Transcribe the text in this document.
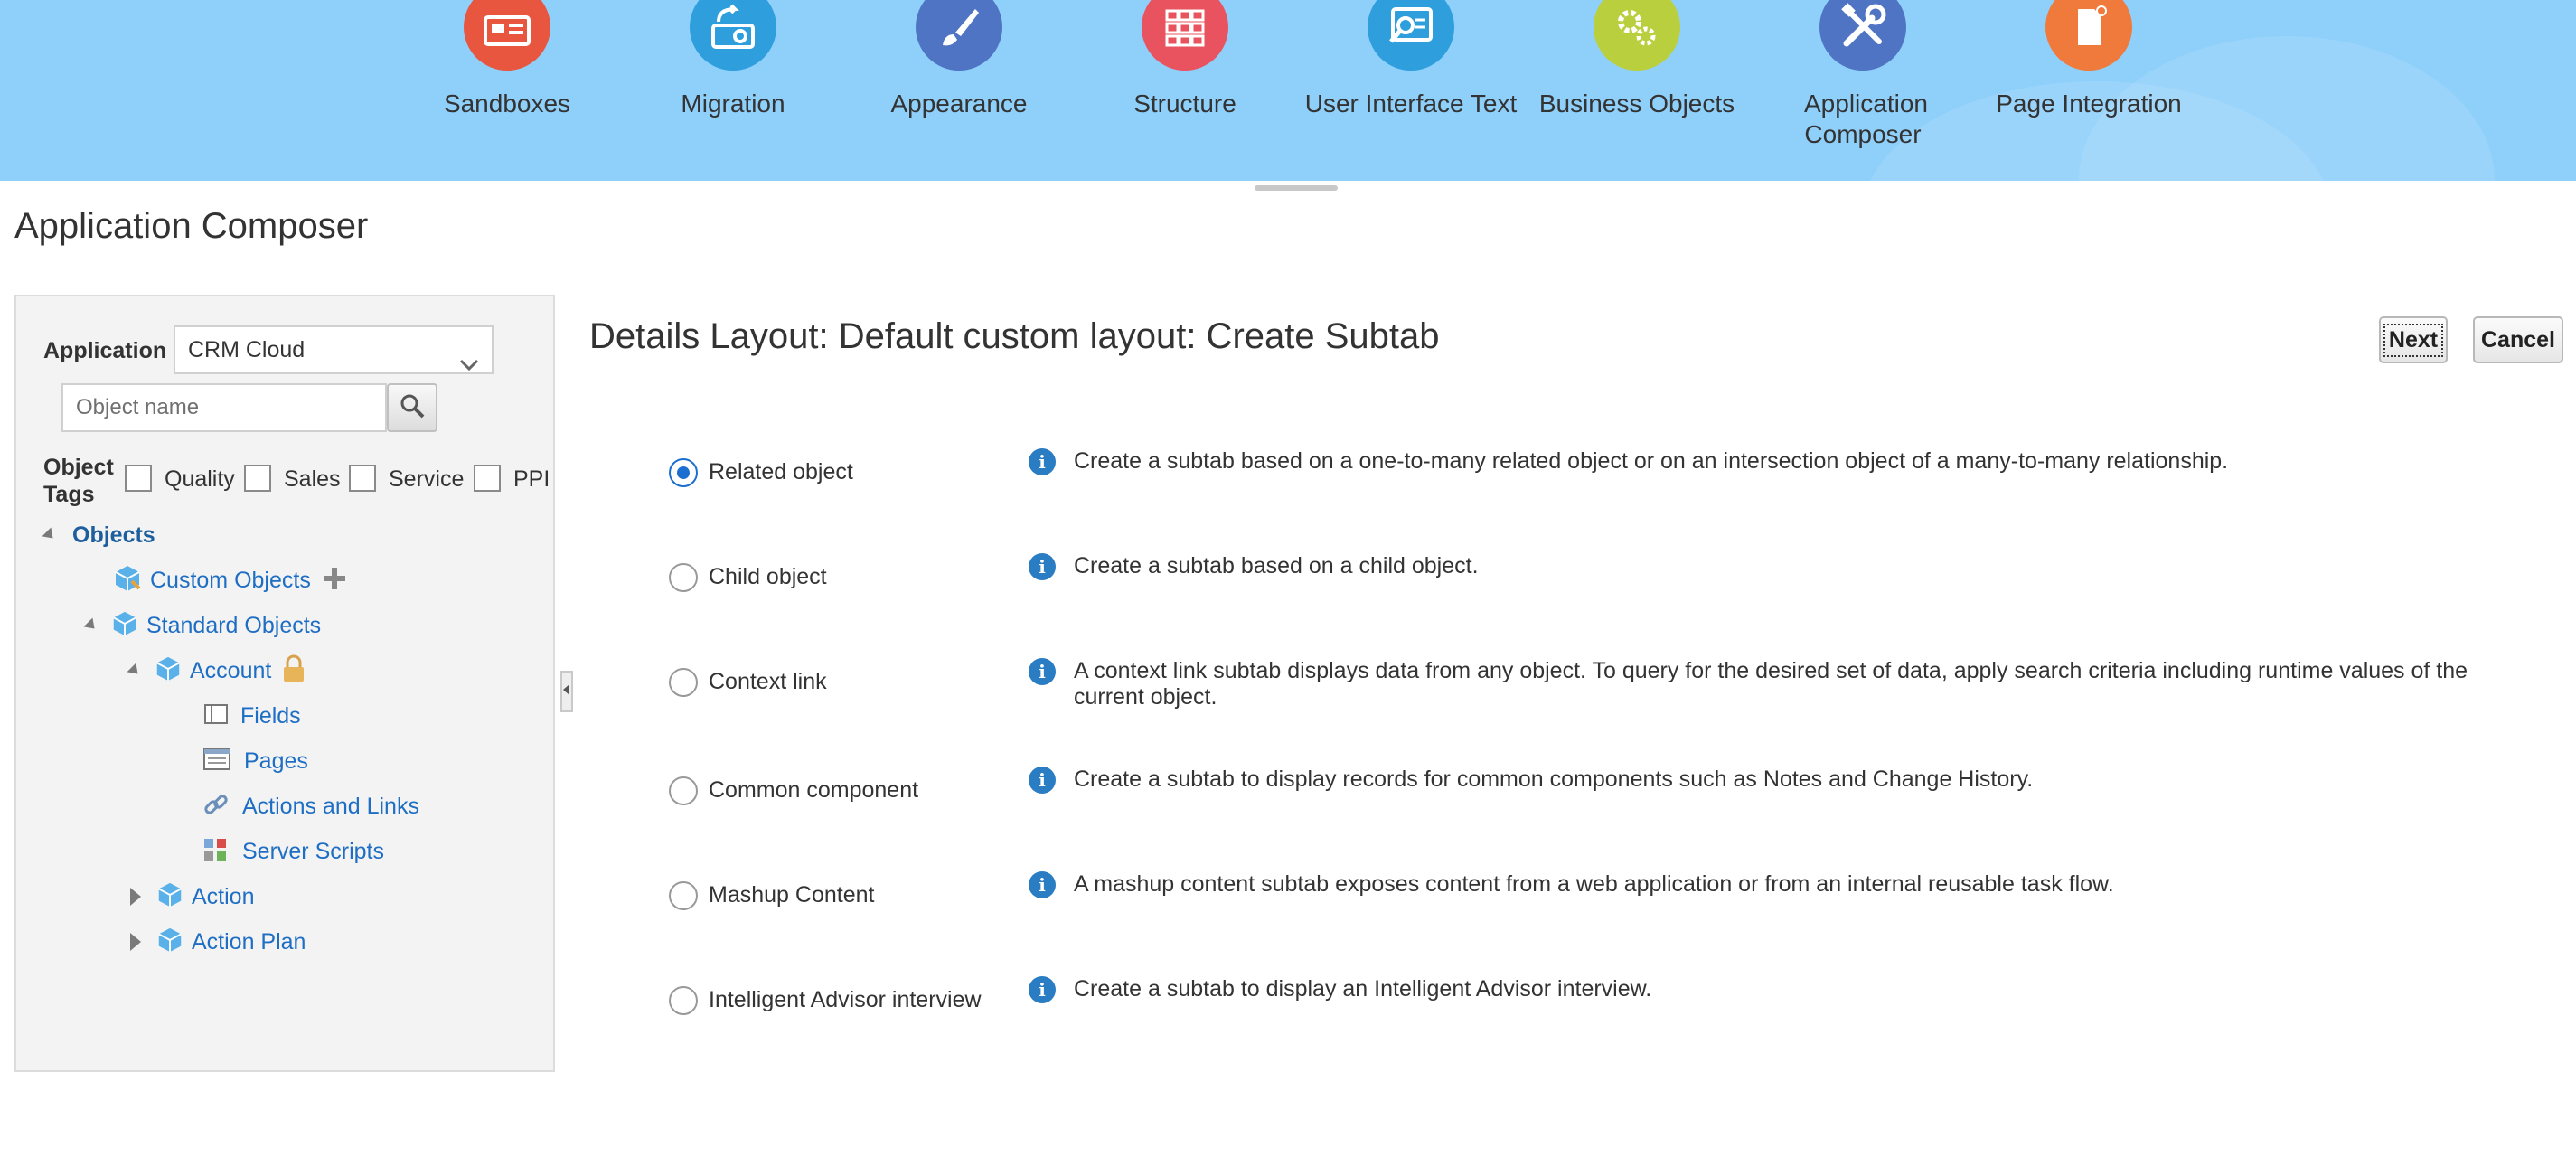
Sandboxes	Migration	Appearance	Structure	User Interface Text Business Objects	Application Composer
Page Integration
Application Composer
Application CRM Cloud
Object name
Object Tags
Quality Sales Service PPI
Objects
Custom Objects
Standard Objects
Account
Fields
Pages
Actions and Links
Server Scripts
Action
Action Plan
Details Layout: Default custom layout: Create Subtab	Next	Cancel
Related object	i	Create a subtab based on a one-to-many related object or on an intersection object of a many-to-many relationship.
Child object	i	Create a subtab based on a child object.
Context link	i	A context link subtab displays data from any object. To query for the desired set of data, apply search criteria including runtime values of the current object.
Common component	i	Create a subtab to display records for common components such as Notes and Change History.
Mashup Content	i	A mashup content subtab exposes content from a web application or from an internal reusable task flow.
Intelligent Advisor interview	i	Create a subtab to display an Intelligent Advisor interview.
